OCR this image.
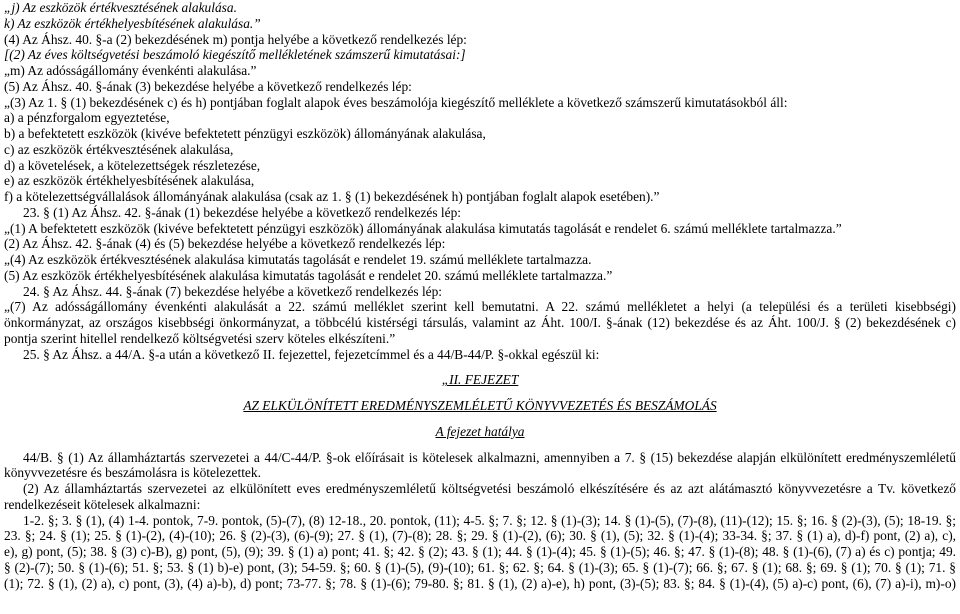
„j) Az eszközök értékvesztésének alakulása.
k) Az eszközök értékhelyesbítésének alakulása.”
(4) Az Áhsz. 40. §-a (2) bekezdésének m) pontja helyébe a következő rendelkezés lép:
[(2) Az éves költségvetési beszámoló kiegészítő mellékletének számszerű kimutatásai:]
„m) Az adósságállomány évenkénti alakulása.”
(5) Az Áhsz. 40. §-ának (3) bekezdése helyébe a következő rendelkezés lép:
„(3) Az 1. § (1) bekezdésének c) és h) pontjában foglalt alapok éves beszámolója kiegészítő melléklete a következő számszerű kimutatásokból áll:
a) a pénzforgalom egyeztetése,
b) a befektetett eszközök (kivéve befektetett pénzügyi eszközök) állományának alakulása,
c) az eszközök értékvesztésének alakulása,
d) a követelések, a kötelezettségek részletezése,
e) az eszközök értékhelyesbítésének alakulása,
f) a kötelezettségvállalások állományának alakulása (csak az 1. § (1) bekezdésének h) pontjában foglalt alapok esetében).”
23. § (1) Az Áhsz. 42. §-ának (1) bekezdése helyébe a következő rendelkezés lép:
„(1) A befektetett eszközök (kivéve befektetett pénzügyi eszközök) állományának alakulása kimutatás tagolását e rendelet 6. számú melléklete tartalmazza.”
(2) Az Áhsz. 42. §-ának (4) és (5) bekezdése helyébe a következő rendelkezés lép:
„(4) Az eszközök értékvesztésének alakulása kimutatás tagolását e rendelet 19. számú melléklete tartalmazza.
(5) Az eszközök értékhelyesbítésének alakulása kimutatás tagolását e rendelet 20. számú melléklete tartalmazza.”
24. § Az Áhsz. 44. §-ának (7) bekezdése helyébe a következő rendelkezés lép:
„(7) Az adósságállomány évenkénti alakulását a 22. számú melléklet szerint kell bemutatni. A 22. számú mellékletet a helyi (a települési és a területi kisebbségi)
önkormányzat, az országos kisebbségi önkormányzat, a többcélú kistérségi társulás, valamint az Áht. 100/I. §-ának (12) bekezdése és az Áht. 100/J. § (2) bekezdésének c)
pontja szerint hitellel rendelkező költségvetési szerv köteles elkészíteni.”
25. § Az Áhsz. a 44/A. §-a után a következő II. fejezettel, fejezetcímmel és a 44/B-44/P. §-okkal egészül ki:
„II. FEJEZET
AZ ELKÜLÖNÍTETT EREDMÉNYSZEMLÉLETŰ KÖNYVVEZETÉS ÉS BESZÁMOLÁS
A fejezet hatálya
44/B. § (1) Az államháztartás szervezetei a 44/C-44/P. §-ok előírásait is kötelesek alkalmazni, amennyiben a 7. § (15) bekezdése alapján elkülönített eredményszemléletű
könyvvezetésre és beszámolásra is kötelezettek.
(2) Az államháztartás szervezetei az elkülönített eves eredményszemléletű költségvetési beszámoló elkészítésére és az azt alátámasztó könyvvezetésre a Tv. következő
rendelkezéseit kötelesek alkalmazni:
1-2. §; 3. § (1), (4) 1-4. pontok, 7-9. pontok, (5)-(7), (8) 12-18., 20. pontok, (11); 4-5. §; 7. §; 12. § (1)-(3); 14. § (1)-(5), (7)-(8), (11)-(12); 15. §; 16. § (2)-(3), (5); 18-19. §;
23. §; 24. § (1); 25. § (1)-(2), (4)-(10); 26. § (2)-(3), (6)-(9); 27. § (1), (7)-(8); 28. §; 29. § (1)-(2), (6); 30. § (1), (5); 32. § (1)-(4); 33-34. §; 37. § (1) a), d)-f) pont, (2) a), c),
e), g) pont, (5); 38. § (3) c)-B), g) pont, (5), (9); 39. § (1) a) pont; 41. §; 42. § (2); 43. § (1); 44. § (1)-(4); 45. § (1)-(5); 46. §; 47. § (1)-(8); 48. § (1)-(6), (7) a) és c) pontja; 49.
§ (2)-(7); 50. § (1)-(6); 51. §; 53. § (1) b)-e) pont, (3); 54-59. §; 60. § (1)-(5), (9)-(10); 61. §; 62. §; 64. § (1)-(3); 65. § (1)-(7); 66. §; 67. § (1); 68. §; 69. § (1); 70. § (1); 71. §
(1); 72. § (1), (2) a), c) pont, (3), (4) a)-b), d) pont; 73-77. §; 78. § (1)-(6); 79-80. §; 81. § (1), (2) a)-e), h) pont, (3)-(5); 83. §; 84. § (1)-(4), (5) a)-c) pont, (6), (7) a)-i), m)-o)
